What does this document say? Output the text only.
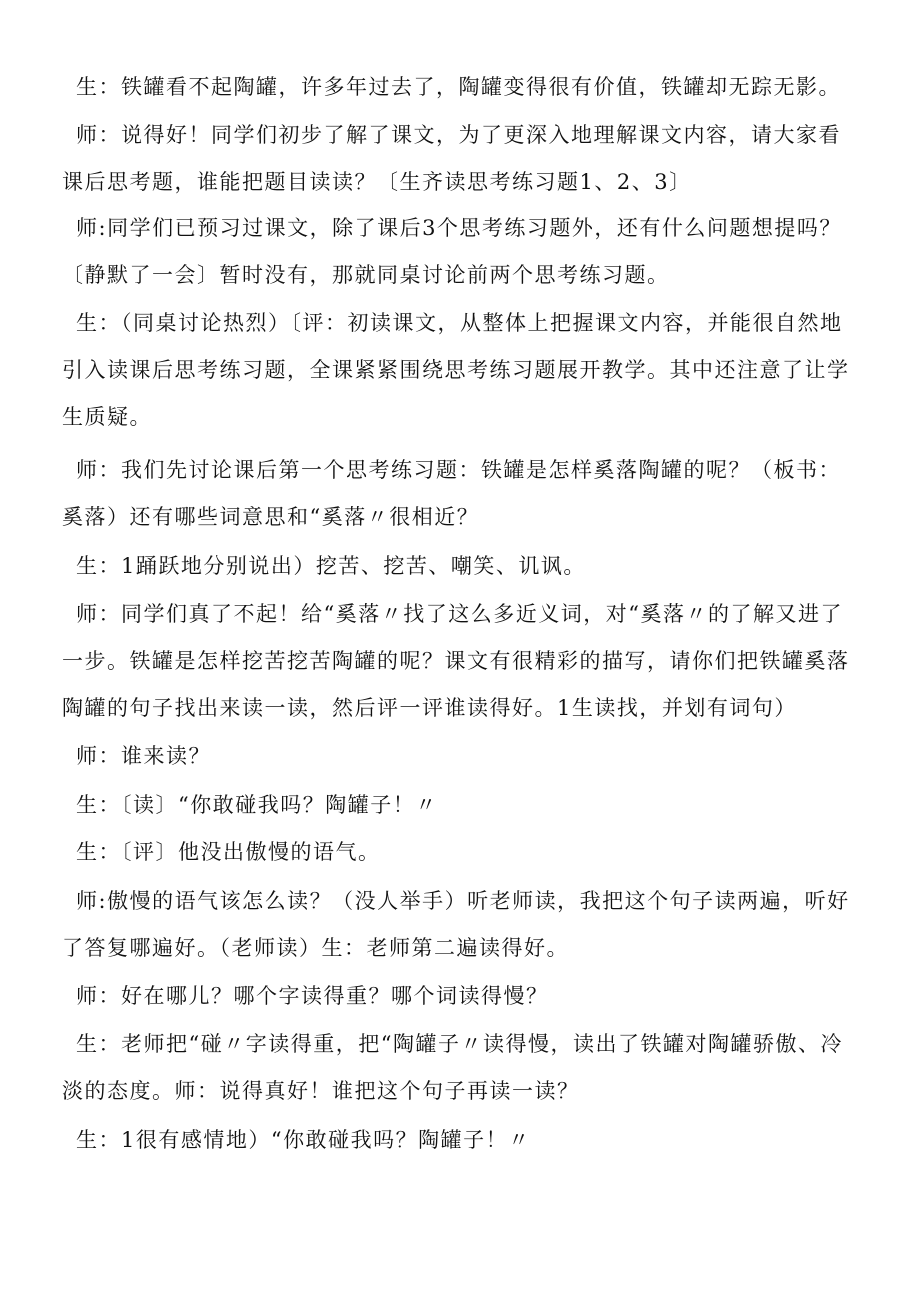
生：铁罐看不起陶罐，许多年过去了，陶罐变得很有价值，铁罐却无踪无影。

师：说得好！同学们初步了解了课文，为了更深入地理解课文内容，请大家看课后思考题，谁能把题目读读？〔生齐读思考练习题1、2、3〕

师:同学们已预习过课文，除了课后3个思考练习题外，还有什么问题想提吗？〔静默了一会〕暂时没有，那就同桌讨论前两个思考练习题。

生：（同桌讨论热烈）〔评：初读课文，从整体上把握课文内容，并能很自然地引入读课后思考练习题，全课紧紧围绕思考练习题展开教学。其中还注意了让学生质疑。

师：我们先讨论课后第一个思考练习题：铁罐是怎样奚落陶罐的呢？（板书：奚落）还有哪些词意思和“奚落〃很相近？

生：1踊跃地分别说出）挖苦、挖苦、嘲笑、讥讽。

师：同学们真了不起！给“奚落〃找了这么多近义词，对“奚落〃的了解又进了一步。铁罐是怎样挖苦挖苦陶罐的呢？课文有很精彩的描写，请你们把铁罐奚落陶罐的句子找出来读一读，然后评一评谁读得好。1生读找，并划有词句）

师：谁来读？

生：〔读〕“你敢碰我吗？陶罐子！〃

生：〔评〕他没出傲慢的语气。

师:傲慢的语气该怎么读？（没人举手）听老师读，我把这个句子读两遍，听好了答复哪遍好。（老师读）生：老师第二遍读得好。

师：好在哪儿？哪个字读得重？哪个词读得慢？

生：老师把“碰〃字读得重，把“陶罐子〃读得慢，读出了铁罐对陶罐骄傲、冷淡的态度。师：说得真好！谁把这个句子再读一读？

生：1很有感情地）“你敢碰我吗？陶罐子！〃
